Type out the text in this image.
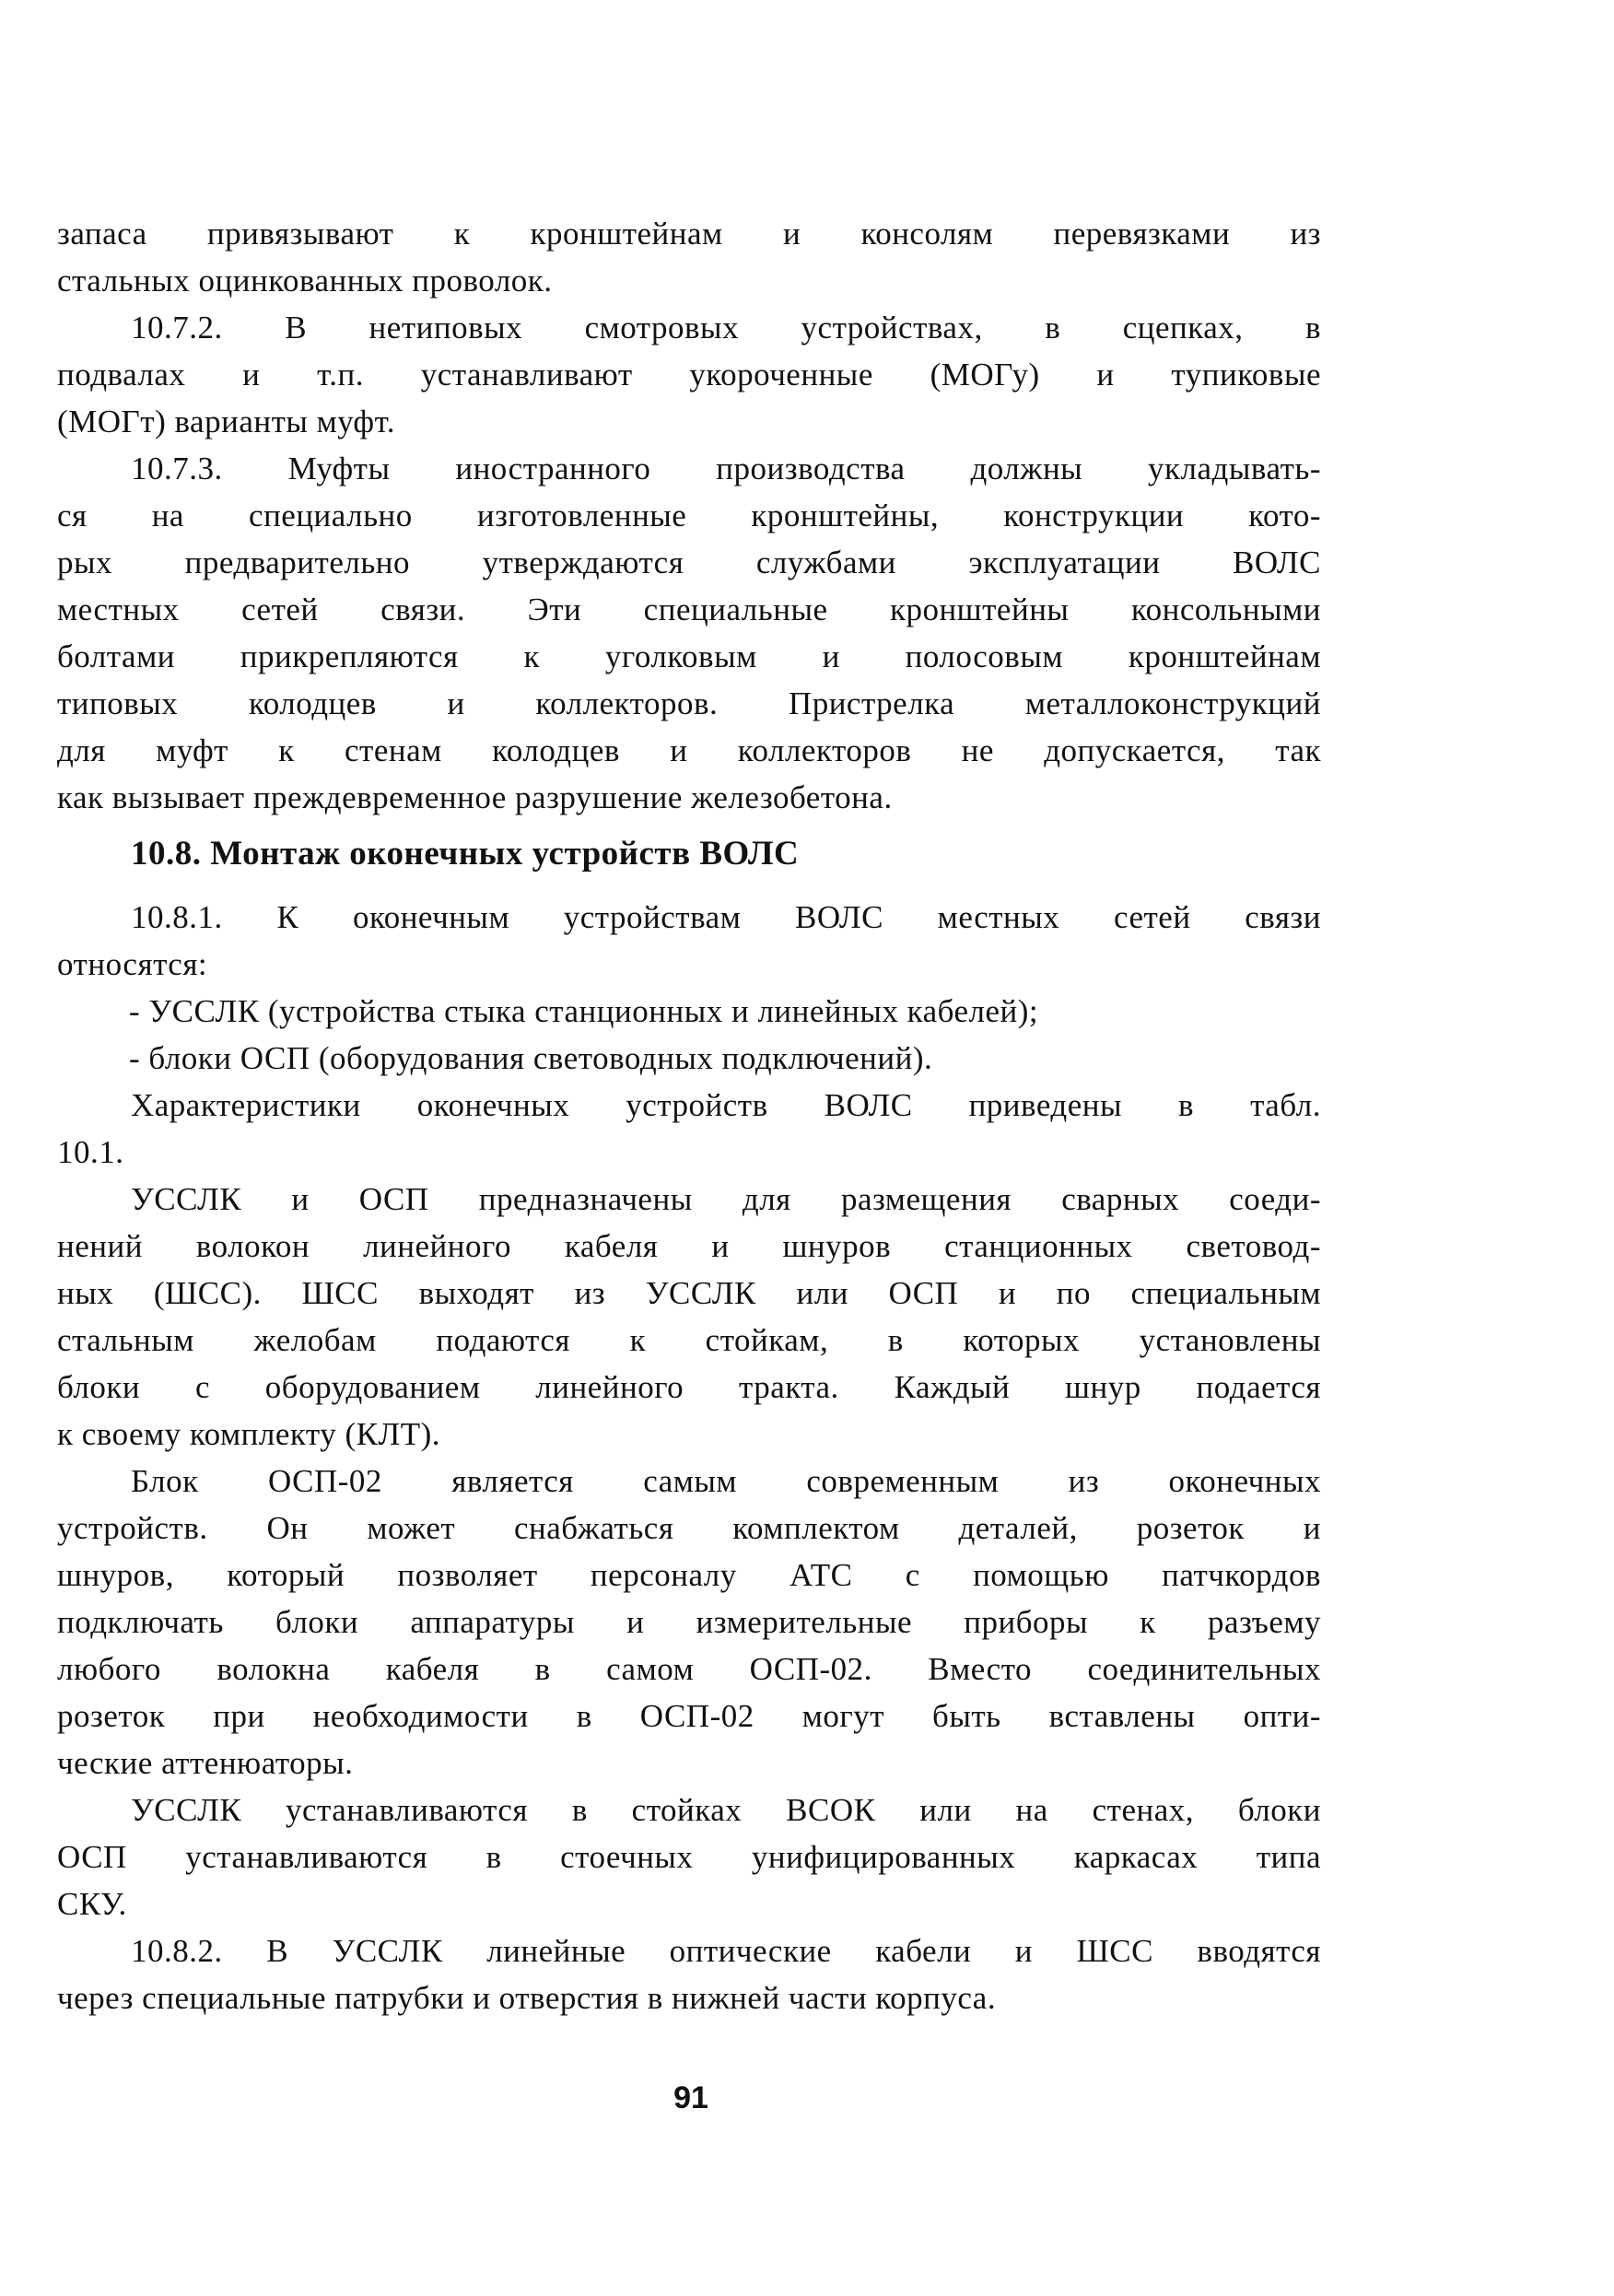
запаса привязывают к кронштейнам и консолям перевязками из
стальных оцинкованных проволок.
10.7.2. В нетиповых смотровых устройствах, в сцепках, в
подвалах и т.п. устанавливают укороченные (МОГу) и тупиковые
(МОГт) варианты муфт.
10.7.3. Муфты иностранного производства должны укладывать-
ся на специально изготовленные кронштейны, конструкции кото-
рых предварительно утверждаются службами эксплуатации ВОЛС
местных сетей связи. Эти специальные кронштейны консольными
болтами прикрепляются к уголковым и полосовым кронштейнам
типовых колодцев и коллекторов. Пристрелка металлоконструкций
для муфт к стенам колодцев и коллекторов не допускается, так
как вызывает преждевременное разрушение железобетона.
10.8. Монтаж оконечных устройств ВОЛС
10.8.1. К оконечным устройствам ВОЛС местных сетей связи
относятся:
- УССЛК (устройства стыка станционных и линейных кабелей);
- блоки ОСП (оборудования световодных подключений).
Характеристики оконечных устройств ВОЛС приведены в табл.
10.1.
УССЛК и ОСП предназначены для размещения сварных соеди-
нений волокон линейного кабеля и шнуров станционных световод-
ных (ШСС). ШСС выходят из УССЛК или ОСП и по специальным
стальным желобам подаются к стойкам, в которых установлены
блоки с оборудованием линейного тракта. Каждый шнур подается
к своему комплекту (КЛТ).
Блок ОСП-02 является самым современным из оконечных
устройств. Он может снабжаться комплектом деталей, розеток и
шнуров, который позволяет персоналу АТС с помощью патчкордов
подключать блоки аппаратуры и измерительные приборы к разъему
любого волокна кабеля в самом ОСП-02. Вместо соединительных
розеток при необходимости в ОСП-02 могут быть вставлены опти-
ческие аттенюаторы.
УССЛК устанавливаются в стойках ВСОК или на стенах, блоки
ОСП устанавливаются в стоечных унифицированных каркасах типа
СКУ.
10.8.2. В УССЛК линейные оптические кабели и ШСС вводятся
через специальные патрубки и отверстия в нижней части корпуса.
91
